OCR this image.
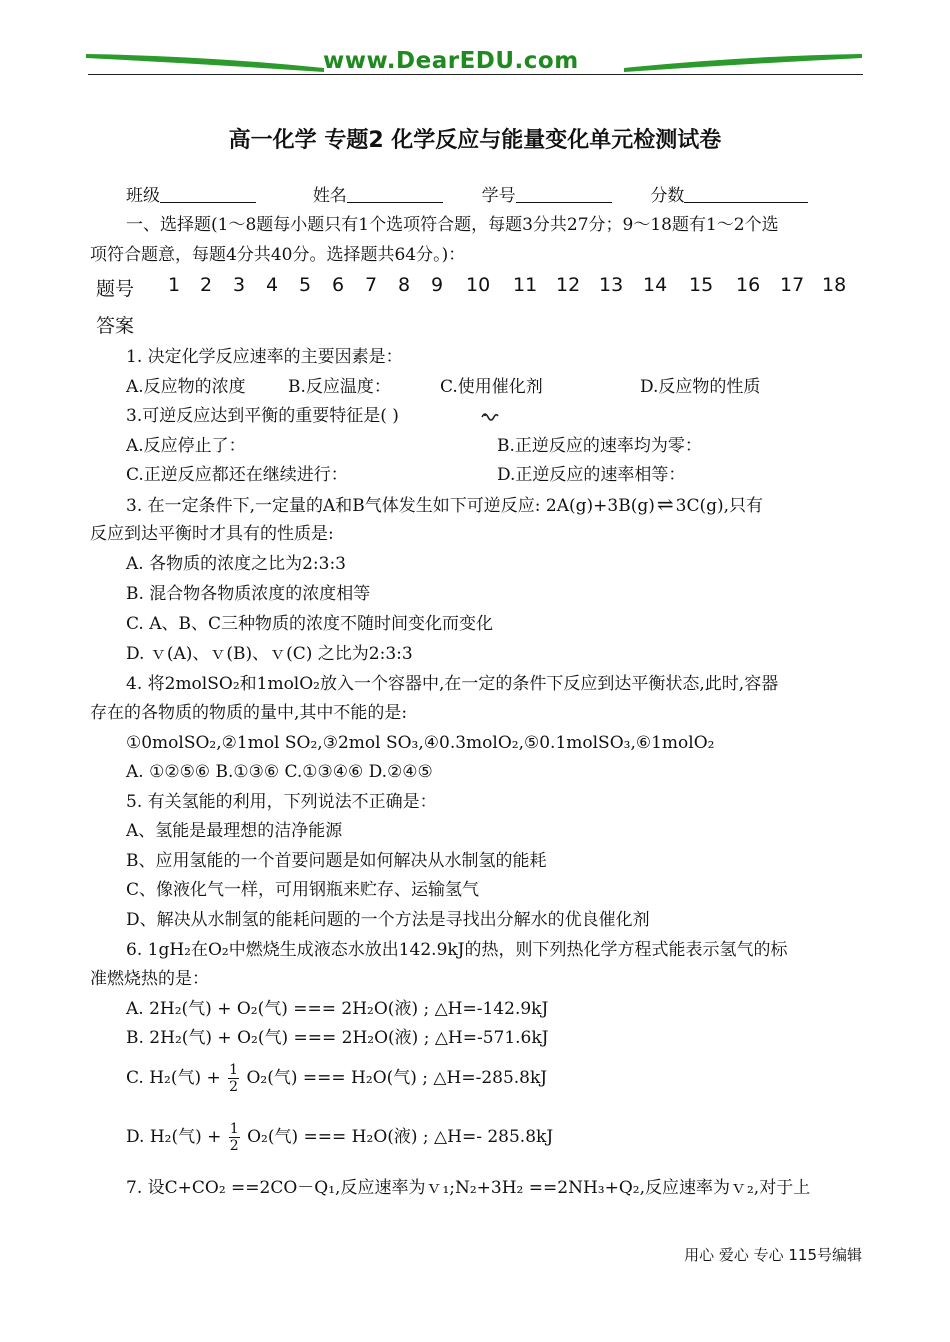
www.DearEDU.com
高一化学 专题2 化学反应与能量变化单元检测试卷
班级	姓名	学号	分数
一、选择题(1～8题每小题只有1个选项符合题，每题3分共27分；9～18题有1～2个选
项符合题意，每题4分共40分。选择题共64分。)：
题号 1 2 3 4 5 6 7 8 9 10 11 12 13 14 15 16 17 18
答案
1. 决定化学反应速率的主要因素是：
A.反应物的浓度 B.反应温度：	C.使用催化剂	D.反应物的性质
3.可逆反应达到平衡的重要特征是( )
A.反应停止了：	B.正逆反应的速率均为零：
C.正逆反应都还在继续进行：	D.正逆反应的速率相等：
3. 在一定条件下,一定量的A和B气体发生如下可逆反应: 2A(g)+3B(g) ⇌ 3C(g),只有
反应到达平衡时才具有的性质是:
A. 各物质的浓度之比为2:3:3
B. 混合物各物质浓度的浓度相等
C. A、B、C三种物质的浓度不随时间变化而变化
D. ｖ(A)、ｖ(B)、ｖ(C) 之比为2:3:3
4. 将2molSO₂和1molO₂放入一个容器中,在一定的条件下反应到达平衡状态,此时,容器
存在的各物质的物质的量中,其中不能的是:
①0molSO₂,②1mol SO₂,③2mol SO₃,④0.3molO₂,⑤0.1molSO₃,⑥1molO₂
A. ①②⑤⑥ B.①③⑥ C.①③④⑥ D.②④⑤
5. 有关氢能的利用，下列说法不正确是：
A、氢能是最理想的洁净能源
B、应用氢能的一个首要问题是如何解决从水制氢的能耗
C、像液化气一样，可用钢瓶来贮存、运输氢气
D、解决从水制氢的能耗问题的一个方法是寻找出分解水的优良催化剂
6. 1gH₂在O₂中燃烧生成液态水放出142.9kJ的热，则下列热化学方程式能表示氢气的标
准燃烧热的是：
A. 2H₂(气) + O₂(气) === 2H₂O(液) ; △H=-142.9kJ
B. 2H₂(气) + O₂(气) === 2H₂O(液) ; △H=-571.6kJ
C. H₂(气) + $\frac{1}{2} O_2$(气) === H₂O(气) ; △H=-285.8kJ
D. H₂(气) + $\frac{1}{2} O_2$(气) === H₂O(液) ; △H=- 285.8kJ
7. 设C+CO₂ ==2CO－Q₁,反应速率为ｖ₁;N₂+3H₂ ==2NH₃+Q₂,反应速率为ｖ₂,对于上
用心 爱心 专心 115号编辑
